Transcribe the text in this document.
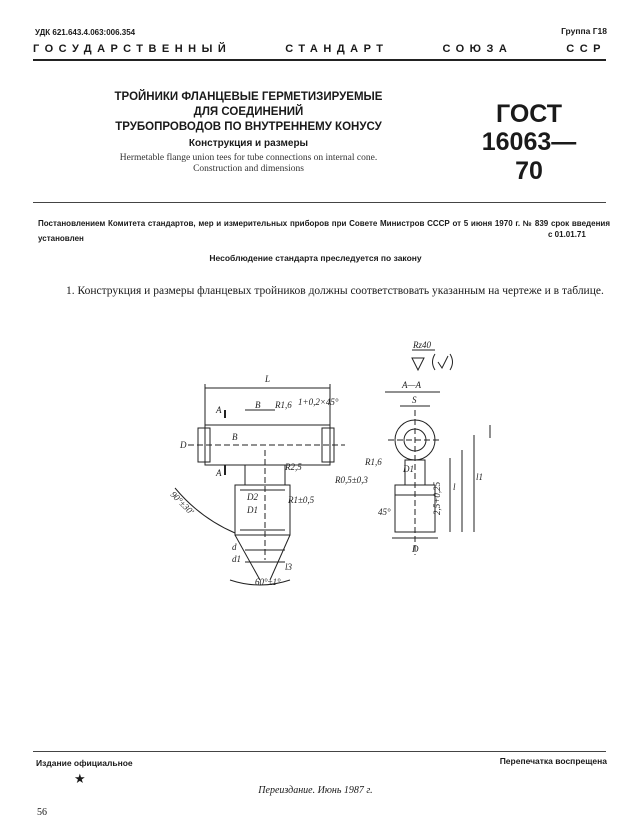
УДК 621.643.4.063:006.354	Группа Г18
ГОСУДАРСТВЕННЫЙ	СТАНДАРТ	СОЮЗА	ССР
ТРОЙНИКИ ФЛАНЦЕВЫЕ ГЕРМЕТИЗИРУЕМЫЕ
ДЛЯ СОЕДИНЕНИЙ
ТРУБОПРОВОДОВ ПО ВНУТРЕННЕМУ КОНУСУ
Конструкция и размеры
Hermetable flange union tees for tube connections on internal cone.
Construction and dimensions
ГОСТ
16063—70
Постановлением Комитета стандартов, мер и измерительных приборов при Совете Министров СССР от 5 июня 1970 г. № 839 срок введения установлен	с 01.01.71
Несоблюдение стандарта преследуется по закону
1. Конструкция и размеры фланцевых тройников должны соответствовать указанным на чертеже и в таблице.
Rz40
L
B R1,6 1+0,2×45°
A
A
D
B
R2,5
R1±0,5
D2
D1
90°±30'
d
d1
l3
60°±1°
A—A
S
R1,6
R0,5±0,3
D
D1
l
l1
45°	2,5+0,25
Издание официальное	Перепечатка воспрещена
★
Переиздание. Июнь 1987 г.
56
